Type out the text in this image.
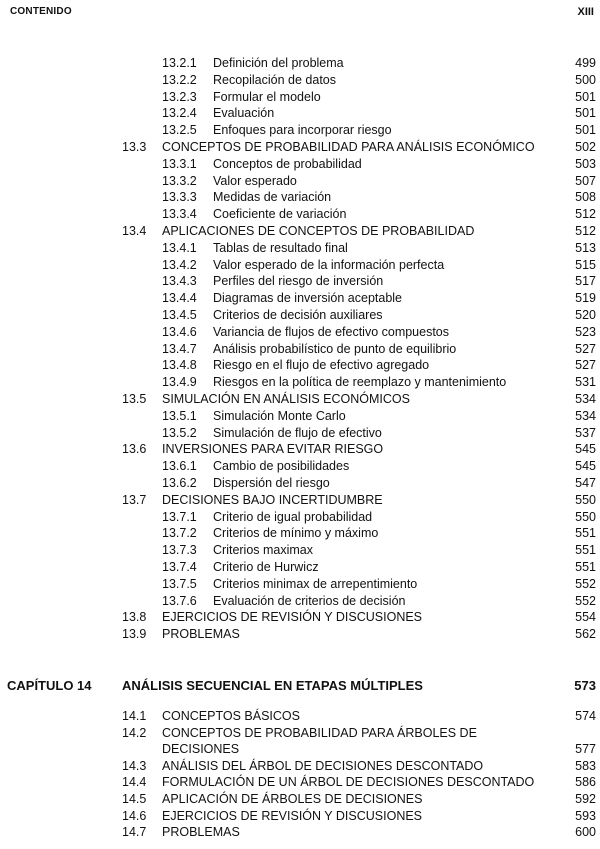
CONTENIDO	XIII
13.2.1 Definición del problema	499
13.2.2 Recopilación de datos	500
13.2.3 Formular el modelo	501
13.2.4 Evaluación	501
13.2.5 Enfoques para incorporar riesgo	501
13.3 CONCEPTOS DE PROBABILIDAD PARA ANÁLISIS ECONÓMICO	502
13.3.1 Conceptos de probabilidad	503
13.3.2 Valor esperado	507
13.3.3 Medidas de variación	508
13.3.4 Coeficiente de variación	512
13.4 APLICACIONES DE CONCEPTOS DE PROBABILIDAD	512
13.4.1 Tablas de resultado final	513
13.4.2 Valor esperado de la información perfecta	515
13.4.3 Perfiles del riesgo de inversión	517
13.4.4 Diagramas de inversión aceptable	519
13.4.5 Criterios de decisión auxiliares	520
13.4.6 Variancia de flujos de efectivo compuestos	523
13.4.7 Análisis probabilístico de punto de equilibrio	527
13.4.8 Riesgo en el flujo de efectivo agregado	527
13.4.9 Riesgos en la política de reemplazo y mantenimiento	531
13.5 SIMULACIÓN EN ANÁLISIS ECONÓMICOS	534
13.5.1 Simulación Monte Carlo	534
13.5.2 Simulación de flujo de efectivo	537
13.6 INVERSIONES PARA EVITAR RIESGO	545
13.6.1 Cambio de posibilidades	545
13.6.2 Dispersión del riesgo	547
13.7 DECISIONES BAJO INCERTIDUMBRE	550
13.7.1 Criterio de igual probabilidad	550
13.7.2 Criterios de mínimo y máximo	551
13.7.3 Criterios maximax	551
13.7.4 Criterio de Hurwicz	551
13.7.5 Criterios minimax de arrepentimiento	552
13.7.6 Evaluación de criterios de decisión	552
13.8 EJERCICIOS DE REVISIÓN Y DISCUSIONES	554
13.9 PROBLEMAS	562
CAPÍTULO 14 ANÁLISIS SECUENCIAL EN ETAPAS MÚLTIPLES	573
14.1 CONCEPTOS BÁSICOS	574
14.2 CONCEPTOS DE PROBABILIDAD PARA ÁRBOLES DE
DECISIONES	577
14.3 ANÁLISIS DEL ÁRBOL DE DECISIONES DESCONTADO	583
14.4 FORMULACIÓN DE UN ÁRBOL DE DECISIONES DESCONTADO	586
14.5 APLICACIÓN DE ÁRBOLES DE DECISIONES	592
14.6 EJERCICIOS DE REVISIÓN Y DISCUSIONES	593
14.7 PROBLEMAS	600
